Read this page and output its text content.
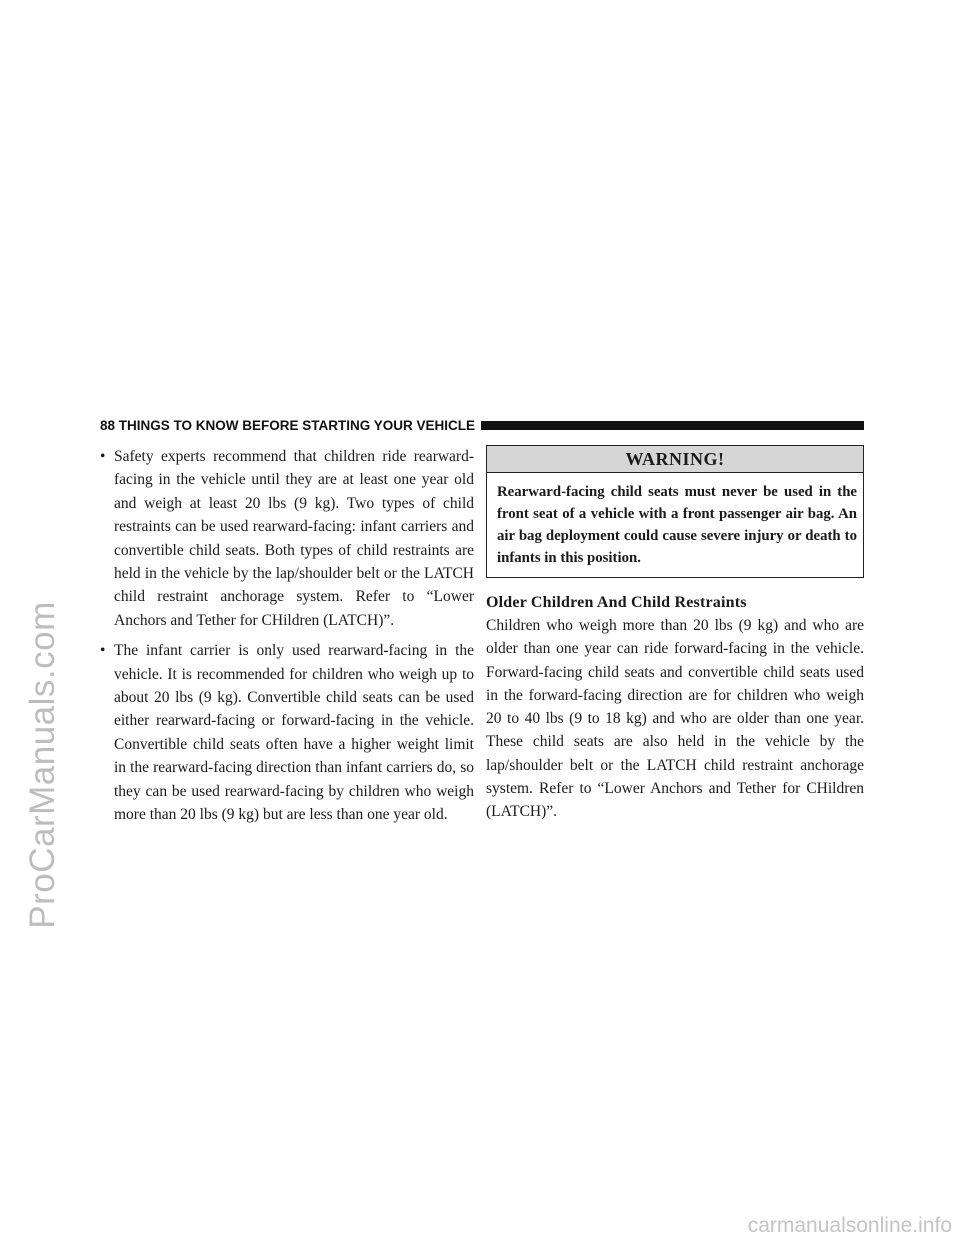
ProCarManuals.com
88 THINGS TO KNOW BEFORE STARTING YOUR VEHICLE
• Safety experts recommend that children ride rearward-facing in the vehicle until they are at least one year old and weigh at least 20 lbs (9 kg). Two types of child restraints can be used rearward-facing: infant carriers and convertible child seats. Both types of child restraints are held in the vehicle by the lap/shoulder belt or the LATCH child restraint anchorage system. Refer to “Lower Anchors and Tether for CHildren (LATCH)”.
• The infant carrier is only used rearward-facing in the vehicle. It is recommended for children who weigh up to about 20 lbs (9 kg). Convertible child seats can be used either rearward-facing or forward-facing in the vehicle. Convertible child seats often have a higher weight limit in the rearward-facing direction than infant carriers do, so they can be used rearward-facing by children who weigh more than 20 lbs (9 kg) but are less than one year old.
WARNING!
Rearward-facing child seats must never be used in the front seat of a vehicle with a front passenger air bag. An air bag deployment could cause severe injury or death to infants in this position.
Older Children And Child Restraints
Children who weigh more than 20 lbs (9 kg) and who are older than one year can ride forward-facing in the vehicle. Forward-facing child seats and convertible child seats used in the forward-facing direction are for children who weigh 20 to 40 lbs (9 to 18 kg) and who are older than one year. These child seats are also held in the vehicle by the lap/shoulder belt or the LATCH child restraint anchorage system. Refer to “Lower Anchors and Tether for CHildren (LATCH)”.
carmanualsonline.info
